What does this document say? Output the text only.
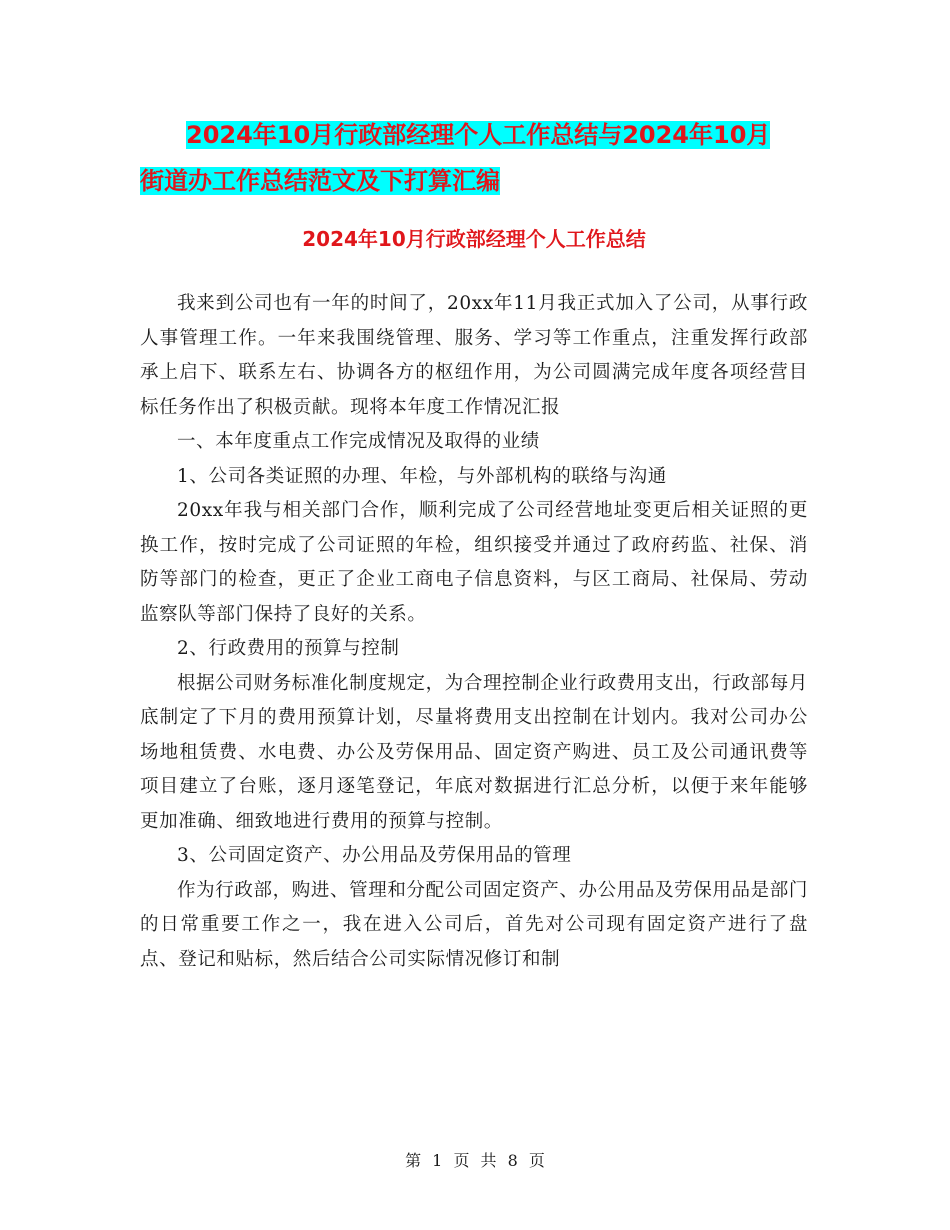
2024年10月行政部经理个人工作总结与2024年10月
街道办工作总结范文及下打算汇编
2024年10月行政部经理个人工作总结

我来到公司也有一年的时间了，20xx年11月我正式加入了公司，从事行政人事管理工作。一年来我围绕管理、服务、学习等工作重点，注重发挥行政部承上启下、联系左右、协调各方的枢纽作用，为公司圆满完成年度各项经营目标任务作出了积极贡献。现将本年度工作情况汇报

一、本年度重点工作完成情况及取得的业绩

1、公司各类证照的办理、年检，与外部机构的联络与沟通

20xx年我与相关部门合作，顺利完成了公司经营地址变更后相关证照的更换工作，按时完成了公司证照的年检，组织接受并通过了政府药监、社保、消防等部门的检查，更正了企业工商电子信息资料，与区工商局、社保局、劳动监察队等部门保持了良好的关系。

2、行政费用的预算与控制

根据公司财务标准化制度规定，为合理控制企业行政费用支出，行政部每月底制定了下月的费用预算计划，尽量将费用支出控制在计划内。我对公司办公场地租赁费、水电费、办公及劳保用品、固定资产购进、员工及公司通讯费等项目建立了台账，逐月逐笔登记，年底对数据进行汇总分析，以便于来年能够更加准确、细致地进行费用的预算与控制。

3、公司固定资产、办公用品及劳保用品的管理

作为行政部，购进、管理和分配公司固定资产、办公用品及劳保用品是部门的日常重要工作之一，我在进入公司后，首先对公司现有固定资产进行了盘点、登记和贴标，然后结合公司实际情况修订和制

第 1 页 共 8 页
